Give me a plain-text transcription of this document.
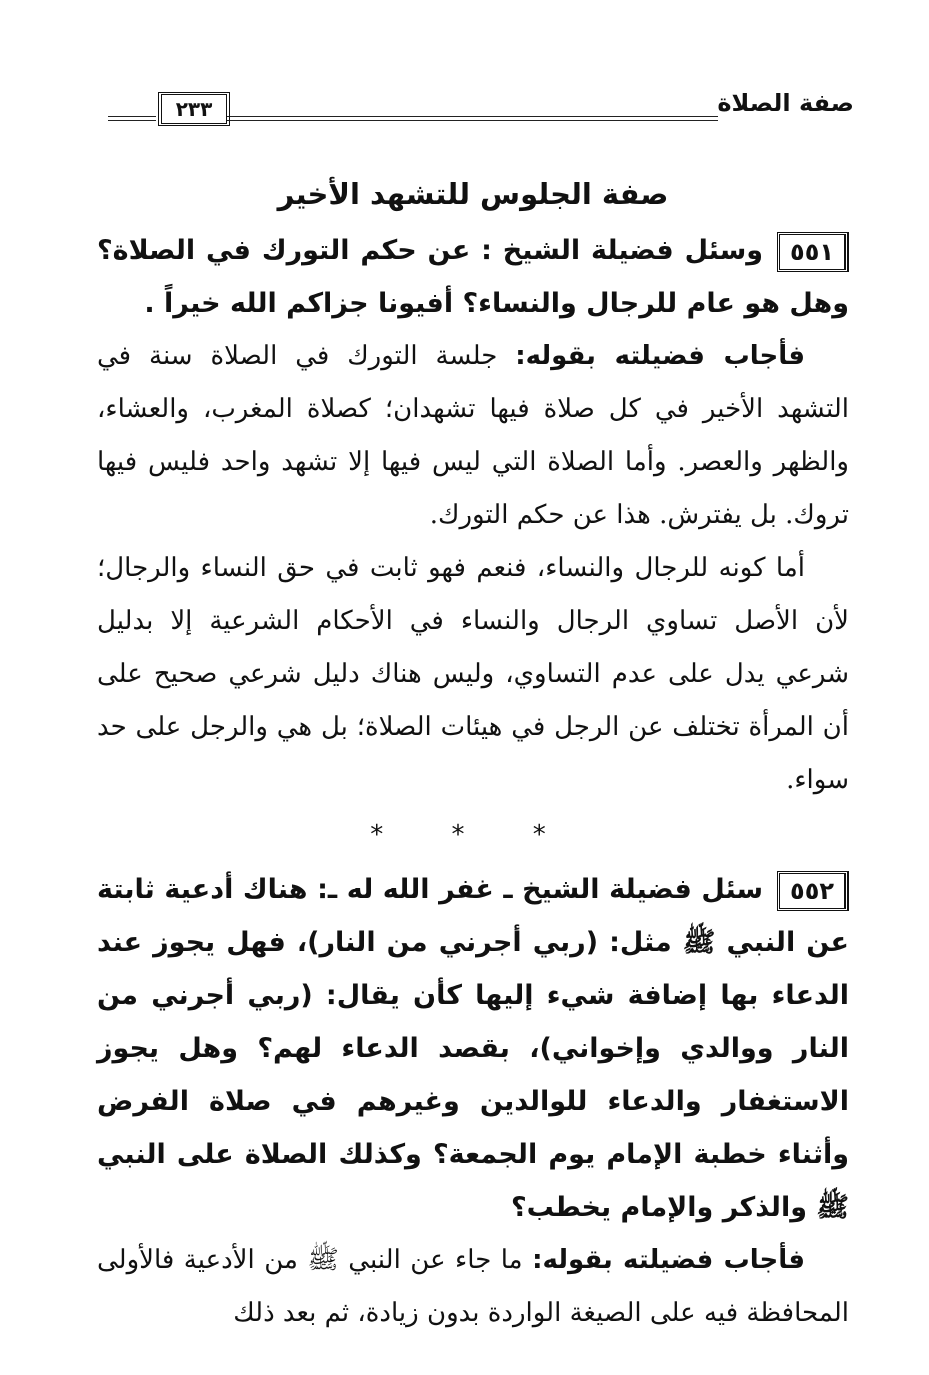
صفة الصلاة
٢٣٣
صفة الجلوس للتشهد الأخير

٥٥١وسئل فضيلة الشيخ : عن حكم التورك في الصلاة؟ وهل هو عام للرجال والنساء؟ أفيونا جزاكم الله خيراً .

فأجاب فضيلته بقوله: جلسة التورك في الصلاة سنة في التشهد الأخير في كل صلاة فيها تشهدان؛ كصلاة المغرب، والعشاء، والظهر والعصر. وأما الصلاة التي ليس فيها إلا تشهد واحد فليس فيها تروك. بل يفترش. هذا عن حكم التورك.

أما كونه للرجال والنساء، فنعم فهو ثابت في حق النساء والرجال؛ لأن الأصل تساوي الرجال والنساء في الأحكام الشرعية إلا بدليل شرعي يدل على عدم التساوي، وليس هناك دليل شرعي صحيح على أن المرأة تختلف عن الرجل في هيئات الصلاة؛ بل هي والرجل على حد سواء.

* * *

٥٥٢سئل فضيلة الشيخ ـ غفر الله له ـ: هناك أدعية ثابتة عن النبي ﷺ مثل: (ربي أجرني من النار)، فهل يجوز عند الدعاء بها إضافة شيء إليها كأن يقال: (ربي أجرني من النار ووالدي وإخواني)، بقصد الدعاء لهم؟ وهل يجوز الاستغفار والدعاء للوالدين وغيرهم في صلاة الفرض وأثناء خطبة الإمام يوم الجمعة؟ وكذلك الصلاة على النبي ﷺ والذكر والإمام يخطب؟

فأجاب فضيلته بقوله: ما جاء عن النبي ﷺ من الأدعية فالأولى المحافظة فيه على الصيغة الواردة بدون زيادة، ثم بعد ذلك
